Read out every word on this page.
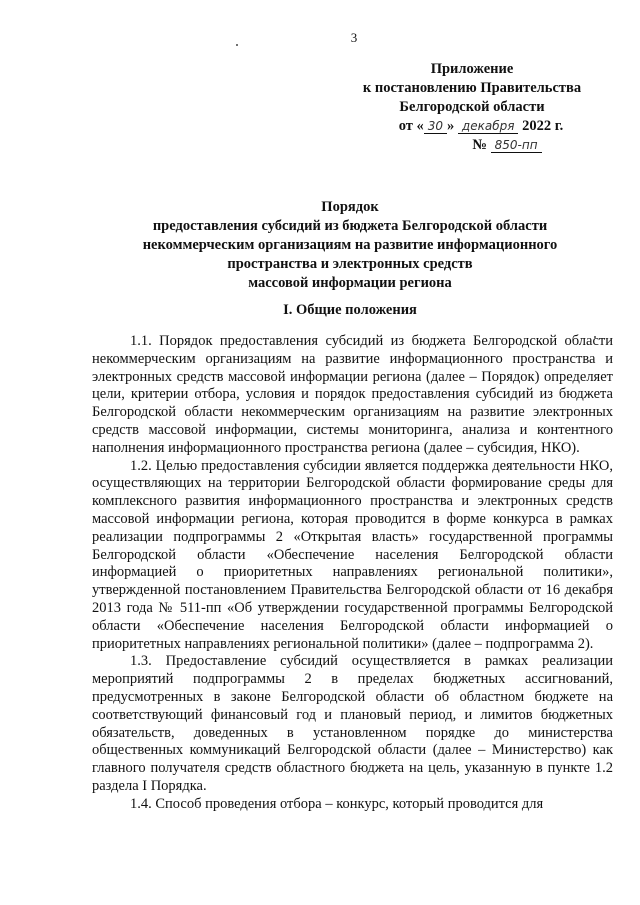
3
Приложение
к постановлению Правительства
Белгородской области
от « 30 » декабря 2022 г.
№ 850-пп
Порядок
предоставления субсидий из бюджета Белгородской области
некоммерческим организациям на развитие информационного
пространства и электронных средств
массовой информации региона
I. Общие положения

1.1. Порядок предоставления субсидий из бюджета Белгородской области некоммерческим организациям на развитие информационного пространства и электронных средств массовой информации региона (далее – Порядок) определяет цели, критерии отбора, условия и порядок предоставления субсидий из бюджета Белгородской области некоммерческим организациям на развитие электронных средств массовой информации, системы мониторинга, анализа и контентного наполнения информационного пространства региона (далее – субсидия, НКО).

1.2. Целью предоставления субсидии является поддержка деятельности НКО, осуществляющих на территории Белгородской области формирование среды для комплексного развития информационного пространства и электронных средств массовой информации региона, которая проводится в форме конкурса в рамках реализации подпрограммы 2 «Открытая власть» государственной программы Белгородской области «Обеспечение населения Белгородской области информацией о приоритетных направлениях региональной политики», утвержденной постановлением Правительства Белгородской области от 16 декабря 2013 года № 511-пп «Об утверждении государственной программы Белгородской области «Обеспечение населения Белгородской области информацией о приоритетных направлениях региональной политики» (далее – подпрограмма 2).

1.3. Предоставление субсидий осуществляется в рамках реализации мероприятий подпрограммы 2 в пределах бюджетных ассигнований, предусмотренных в законе Белгородской области об областном бюджете на соответствующий финансовый год и плановый период, и лимитов бюджетных обязательств, доведенных в установленном порядке до министерства общественных коммуникаций Белгородской области (далее – Министерство) как главного получателя средств областного бюджета на цель, указанную в пункте 1.2 раздела I Порядка.

1.4. Способ проведения отбора – конкурс, который проводится для
